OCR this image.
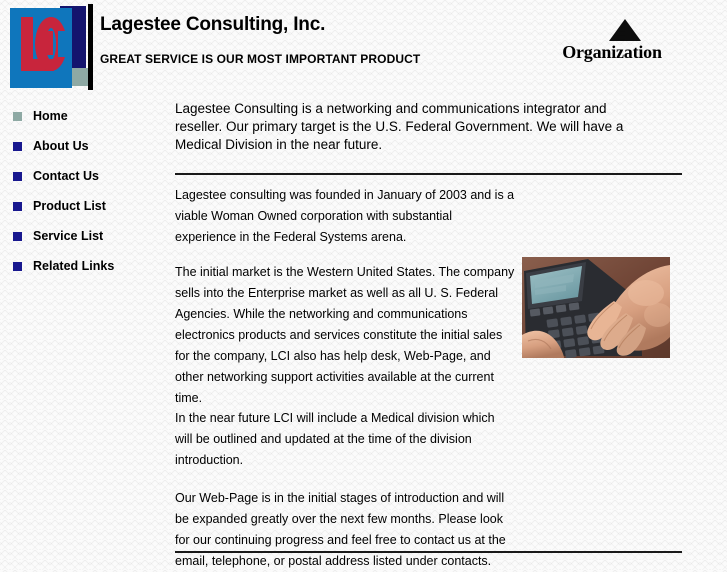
Lagestee Consulting, Inc.
GREAT SERVICE IS OUR MOST IMPORTANT PRODUCT	Organization
Home
About Us
Contact Us
Product List
Service List
Related Links

Lagestee Consulting is a networking and communications integrator and reseller. Our primary target is the U.S. Federal Government. We will have a Medical Division in the near future.

Lagestee consulting was founded in January of 2003 and is a viable Woman Owned corporation with substantial experience in the Federal Systems arena.

The initial market is the Western United States. The company sells into the Enterprise market as well as all U. S. Federal Agencies. While the networking and communications electronics products and services constitute the initial sales for the company, LCI also has help desk, Web-Page, and other networking support activities available at the current time.

In the near future LCI will include a Medical division which will be outlined and updated at the time of the division introduction.

Our Web-Page is in the initial stages of introduction and will be expanded greatly over the next few months. Please look for our continuing progress and feel free to contact us at the email, telephone, or postal address listed under contacts.
